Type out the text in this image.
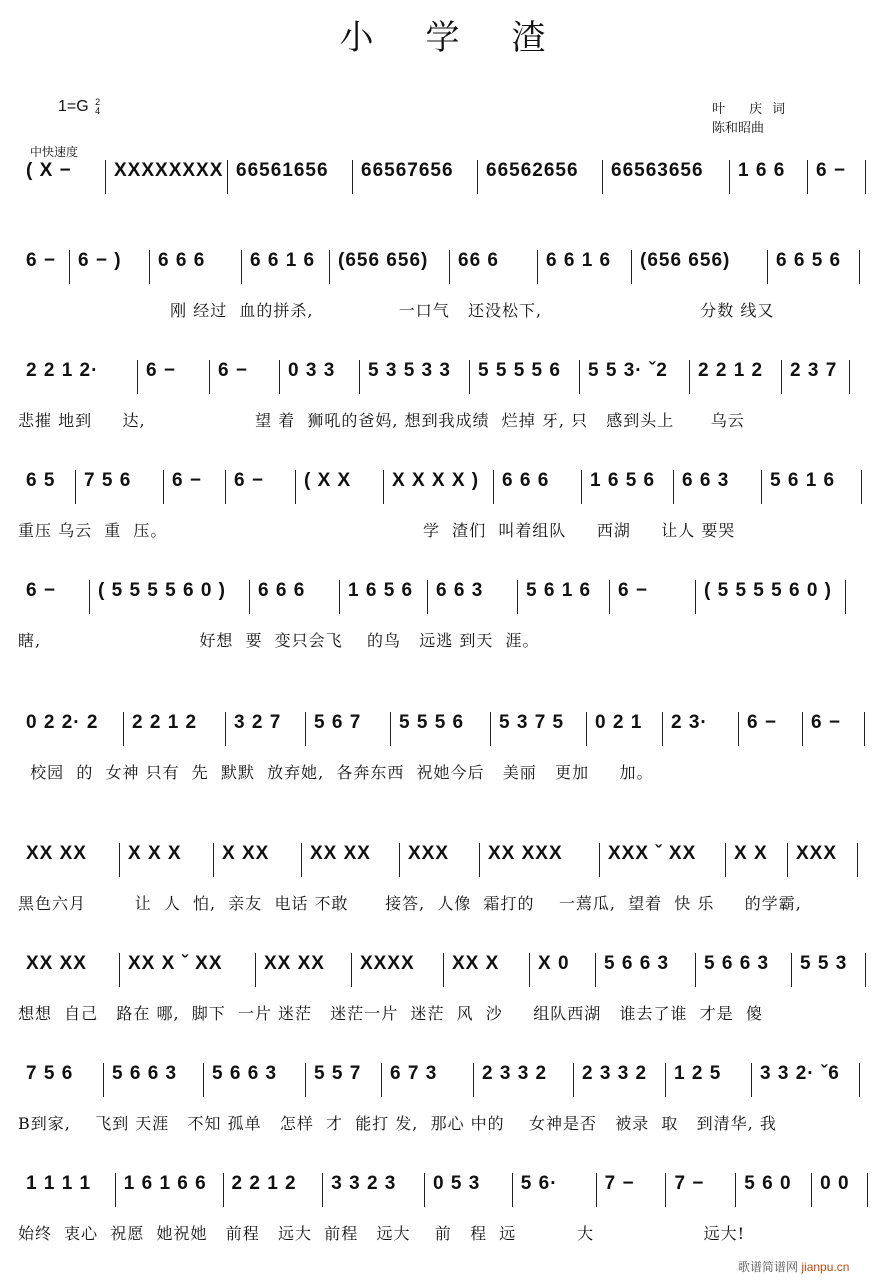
小学渣
1=G 2
4	叶 庆词
陈和昭曲
中快速度
( X −	XXXXXXXX 66561656	66567656	66562656	66563656	1 6 6	6 −
6 −	6 − )	6 6 6	6 6 1 6	(656 656)	66 6	6 6 1 6	(656 656)	6 6 5 6
刚 经过  血的拼杀,              一口气   还没松下,                          分数 线又
2 2 1 2·	6 −	6 −	0 3 3	5 3 5 3 3	5 5 5 5 6	5 5 3· ˇ2	2 2 1 2	2 3 7
悲摧 地到     达,                  望 着  狮吼的爸妈, 想到我成绩  烂掉 牙, 只   感到头上      乌云
6 5	7 5 6	6 −	6 −	( X X	X X X X )	6 6 6	1 6 5 6	6 6 3	5 6 1 6
重压 乌云  重  压。                                          学  渣们  叫着组队     西湖     让人 要哭
6 −	( 5 5 5 5 6 0 )	6 6 6	1 6 5 6	6 6 3	5 6 1 6	6 −	( 5 5 5 5 6 0 )
瞎,                          好想  要  变只会飞    的鸟   远逃 到天  涯。
0 2 2· 2	2 2 1 2	3 2 7	5 6 7	5 5 5 6	5 3 7 5	0 2 1	2 3·	6 −	6 −
校园  的  女神 只有  先  默默  放弃她,  各奔东西  祝她今后   美丽   更加     加。
XX XX	X X X	X XX	XX XX	XXX	XX XXX	XXX ˇ XX	X X	XXX
黑色六月        让  人  怕,  亲友  电话 不敢      接答,  人像  霜打的    一蔫瓜,  望着  快 乐     的学霸,
XX XX	XX X ˇ XX	XX XX	XXXX	XX X	X 0	5 6 6 3	5 6 6 3	5 5 3
想想  自己   路在 哪,  脚下  一片 迷茫   迷茫一片  迷茫  风  沙     组队西湖   谁去了谁  才是  傻
7 5 6	5 6 6 3	5 6 6 3	5 5 7	6 7 3	2 3 3 2	2 3 3 2	1 2 5	3 3 2· ˇ6
B到家,    飞到 天涯   不知 孤单   怎样  才  能打 发,  那心 中的    女神是否   被录  取   到清华, 我
1 1 1 1	1 6 1 6 6	2 2 1 2	3 3 2 3	0 5 3	5 6·	7 −	7 −	5 6 0	0 0
始终  衷心  祝愿  她祝她   前程   远大  前程   远大    前   程  远          大                  远大!
歌谱简谱网 jianpu.cn
